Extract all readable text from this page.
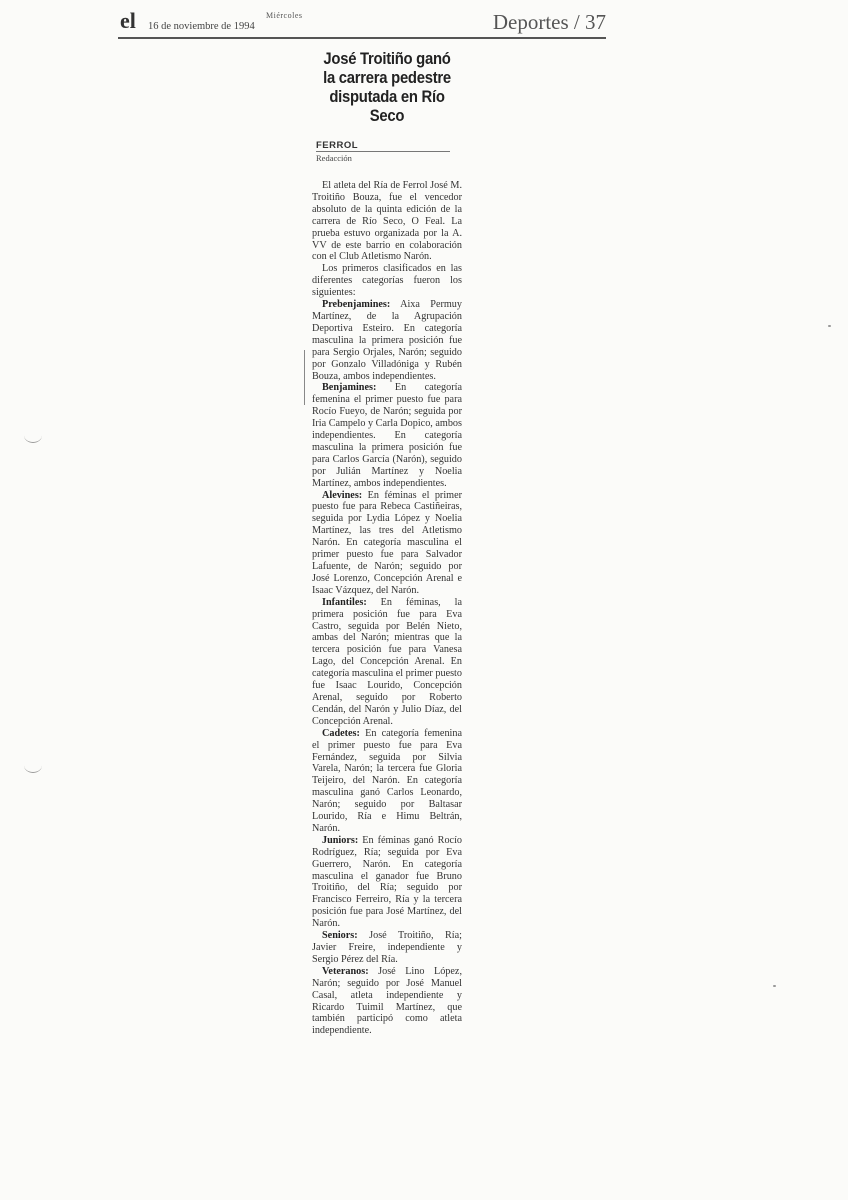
el	Miércoles
16 de noviembre de 1994	Deportes / 37
José Troitiño ganó la carrera pedestre disputada en Río Seco
FERROL
Redacción

El atleta del Ría de Ferrol José M. Troitiño Bouza, fue el vencedor absoluto de la quinta edición de la carrera de Río Seco, O Feal. La prueba estuvo organizada por la A. VV de este barrio en colaboración con el Club Atletismo Narón.

Los primeros clasificados en las diferentes categorías fueron los siguientes:

Prebenjamines: Aixa Permuy Martínez, de la Agrupación Deportiva Esteiro. En categoría masculina la primera posición fue para Sergio Orjales, Narón; seguido por Gonzalo Villadóniga y Rubén Bouza, ambos independientes.

Benjamines: En categoría femenina el primer puesto fue para Rocío Fueyo, de Narón; seguida por Iria Campelo y Carla Dopico, ambos independientes. En categoría masculina la primera posición fue para Carlos García (Narón), seguido por Julián Martínez y Noelia Martínez, ambos independientes.

Alevines: En féminas el primer puesto fue para Rebeca Castiñeiras, seguida por Lydia López y Noelia Martínez, las tres del Atletismo Narón. En categoría masculina el primer puesto fue para Salvador Lafuente, de Narón; seguido por José Lorenzo, Concepción Arenal e Isaac Vázquez, del Narón.

Infantiles: En féminas, la primera posición fue para Eva Castro, seguida por Belén Nieto, ambas del Narón; mientras que la tercera posición fue para Vanesa Lago, del Concepción Arenal. En categoría masculina el primer puesto fue Isaac Lourido, Concepción Arenal, seguido por Roberto Cendán, del Narón y Julio Díaz, del Concepción Arenal.

Cadetes: En categoría femenina el primer puesto fue para Eva Fernández, seguida por Silvia Varela, Narón; la tercera fue Gloria Teijeiro, del Narón. En categoría masculina ganó Carlos Leonardo, Narón; seguido por Baltasar Lourido, Ría e Himu Beltrán, Narón.

Juniors: En féminas ganó Rocío Rodríguez, Ría; seguida por Eva Guerrero, Narón. En categoría masculina el ganador fue Bruno Troitiño, del Ría; seguido por Francisco Ferreiro, Ría y la tercera posición fue para José Martínez, del Narón.

Seniors: José Troitiño, Ría; Javier Freire, independiente y Sergio Pérez del Ría.

Veteranos: José Lino López, Narón; seguido por José Manuel Casal, atleta independiente y Ricardo Tuimil Martínez, que también participó como atleta independiente.
